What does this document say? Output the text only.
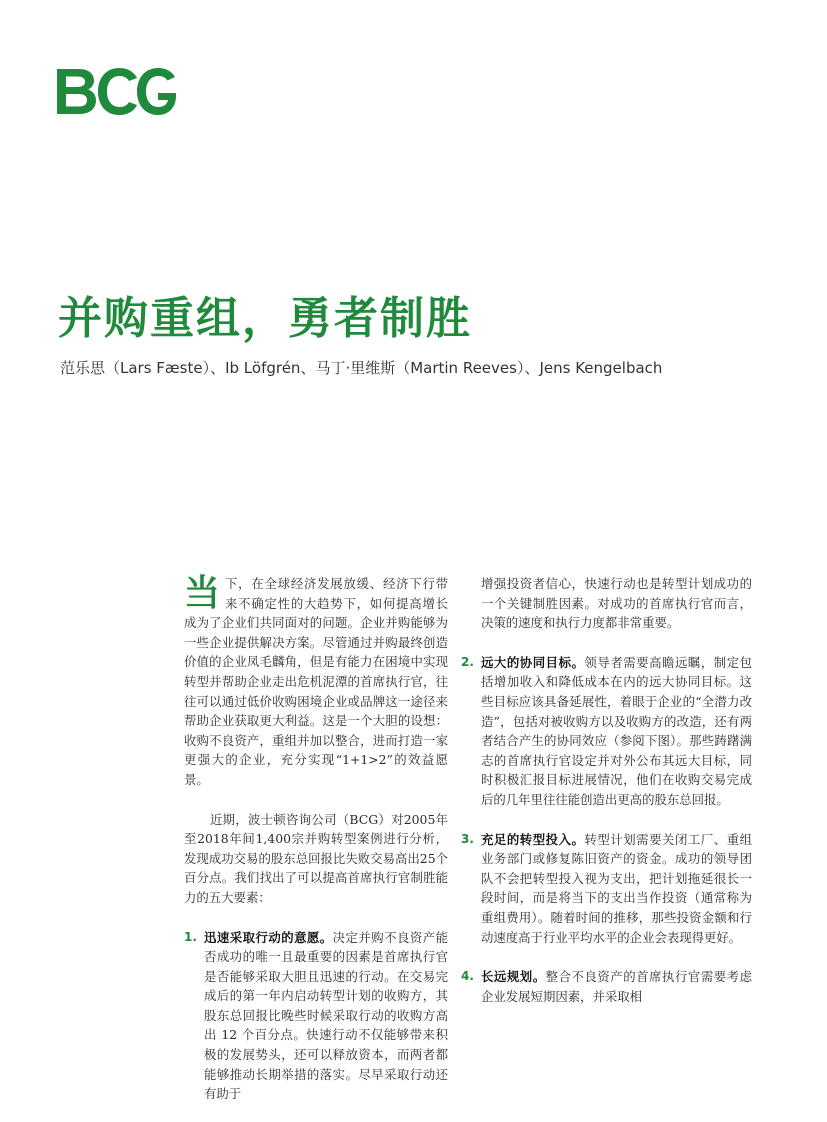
并购重组，勇者制胜
范乐思（Lars Fæste）、Ib Löfgrén、马丁·里维斯（Martin Reeves）、Jens Kengelbach

当下，在全球经济发展放缓、经济下行带来不确定性的大趋势下，如何提高增长成为了企业们共同面对的问题。企业并购能够为一些企业提供解决方案。尽管通过并购最终创造价值的企业凤毛麟角，但是有能力在困境中实现转型并帮助企业走出危机泥潭的首席执行官，往往可以通过低价收购困境企业或品牌这一途径来帮助企业获取更大利益。这是一个大胆的设想：收购不良资产，重组并加以整合，进而打造一家更强大的企业，充分实现“1+1>2”的效益愿景。

近期，波士顿咨询公司（BCG）对2005年至2018年间1,400宗并购转型案例进行分析，发现成功交易的股东总回报比失败交易高出25个百分点。我们找出了可以提高首席执行官制胜能力的五大要素：

1. 迅速采取行动的意愿。决定并购不良资产能否成功的唯一且最重要的因素是首席执行官是否能够采取大胆且迅速的行动。在交易完成后的第一年内启动转型计划的收购方，其股东总回报比晚些时候采取行动的收购方高出 12 个百分点。快速行动不仅能够带来积极的发展势头，还可以释放资本，而两者都能够推动长期举措的落实。尽早采取行动还有助于

增强投资者信心，快速行动也是转型计划成功的一个关键制胜因素。对成功的首席执行官而言，决策的速度和执行力度都非常重要。

2. 远大的协同目标。领导者需要高瞻远瞩，制定包括增加收入和降低成本在内的远大协同目标。这些目标应该具备延展性，着眼于企业的“全潜力改造”，包括对被收购方以及收购方的改造，还有两者结合产生的协同效应（参阅下图）。那些踌躇满志的首席执行官设定并对外公布其远大目标，同时积极汇报目标进展情况，他们在收购交易完成后的几年里往往能创造出更高的股东总回报。

3. 充足的转型投入。转型计划需要关闭工厂、重组业务部门或修复陈旧资产的资金。成功的领导团队不会把转型投入视为支出，把计划拖延很长一段时间，而是将当下的支出当作投资（通常称为重组费用）。随着时间的推移，那些投资金额和行动速度高于行业平均水平的企业会表现得更好。

4. 长远规划。整合不良资产的首席执行官需要考虑企业发展短期因素，并采取相
